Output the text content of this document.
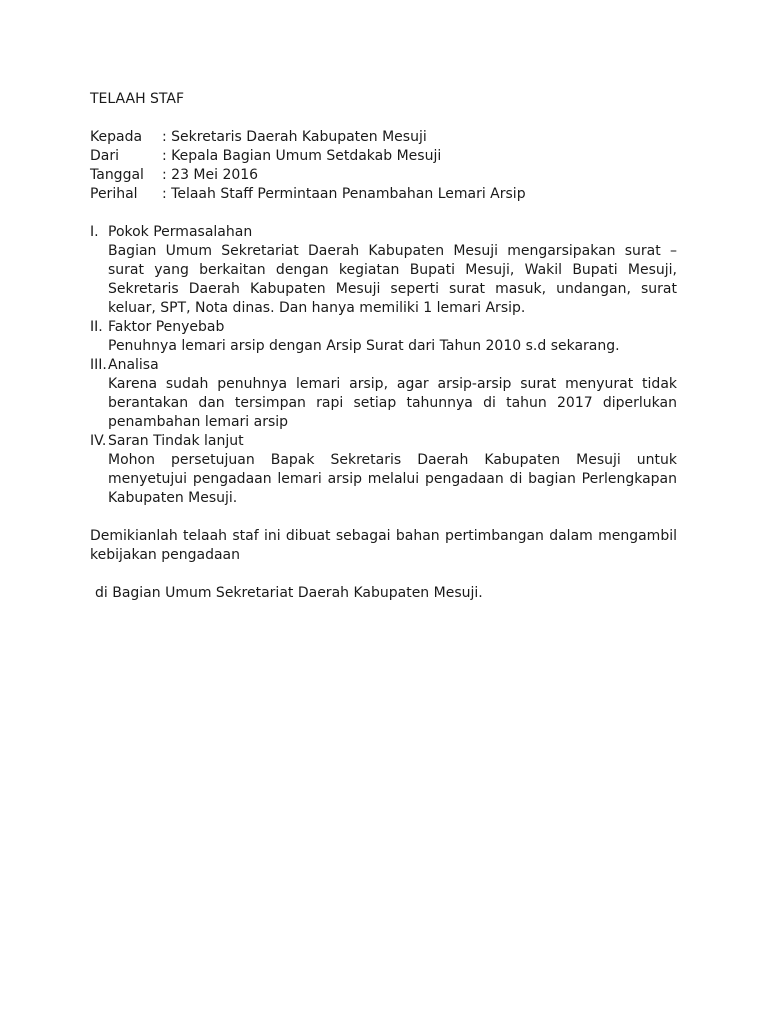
TELAAH STAF
Kepada	: Sekretaris Daerah Kabupaten Mesuji
Dari	: Kepala Bagian Umum Setdakab Mesuji
Tanggal	: 23 Mei 2016
Perihal	: Telaah Staff Permintaan Penambahan Lemari Arsip
I. Pokok Permasalahan
Bagian Umum Sekretariat Daerah Kabupaten Mesuji mengarsipakan surat – surat yang berkaitan dengan kegiatan Bupati Mesuji, Wakil Bupati Mesuji, Sekretaris Daerah Kabupaten Mesuji seperti surat masuk, undangan, surat keluar, SPT, Nota dinas. Dan hanya memiliki 1 lemari Arsip.
II. Faktor Penyebab
Penuhnya lemari arsip dengan Arsip Surat dari Tahun 2010 s.d sekarang.
III. Analisa
Karena sudah penuhnya lemari arsip, agar arsip-arsip surat menyurat tidak berantakan dan tersimpan rapi setiap tahunnya di tahun 2017 diperlukan penambahan lemari arsip
IV. Saran Tindak lanjut
Mohon persetujuan Bapak Sekretaris Daerah Kabupaten Mesuji untuk menyetujui pengadaan lemari arsip melalui pengadaan di bagian Perlengkapan Kabupaten Mesuji.

Demikianlah telaah staf ini dibuat sebagai bahan pertimbangan dalam mengambil kebijakan pengadaan

di Bagian Umum Sekretariat Daerah Kabupaten Mesuji.
